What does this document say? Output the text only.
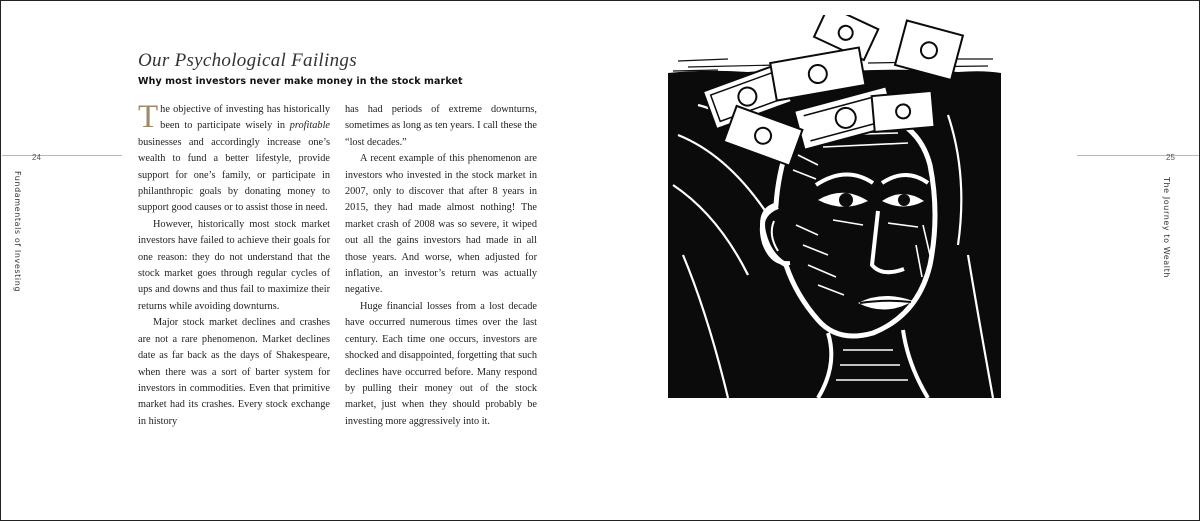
24	25
Fundamentals of Investing	The Journey to Wealth
Our Psychological Failings
Why most investors never make money in the stock market

The objective of investing has historically been to participate wisely in profitable businesses and accordingly increase one’s wealth to fund a better lifestyle, provide support for one’s family, or participate in philanthropic goals by donating money to support good causes or to assist those in need.

However, historically most stock market investors have failed to achieve their goals for one reason: they do not understand that the stock market goes through regular cycles of ups and downs and thus fail to maximize their returns while avoiding downturns.

Major stock market declines and crashes are not a rare phenomenon. Market declines date as far back as the days of Shakespeare, when there was a sort of barter system for investors in commodities. Even that primitive market had its crashes. Every stock exchange in history

has had periods of extreme downturns, sometimes as long as ten years. I call these the “lost decades.”

A recent example of this phenomenon are investors who invested in the stock market in 2007, only to discover that after 8 years in 2015, they had made almost nothing! The market crash of 2008 was so severe, it wiped out all the gains investors had made in all those years. And worse, when adjusted for inflation, an investor’s return was actually negative.

Huge financial losses from a lost decade have occurred numerous times over the last century. Each time one occurs, investors are shocked and disappointed, forgetting that such declines have occurred before. Many respond by pulling their money out of the stock market, just when they should probably be investing more aggressively into it.
